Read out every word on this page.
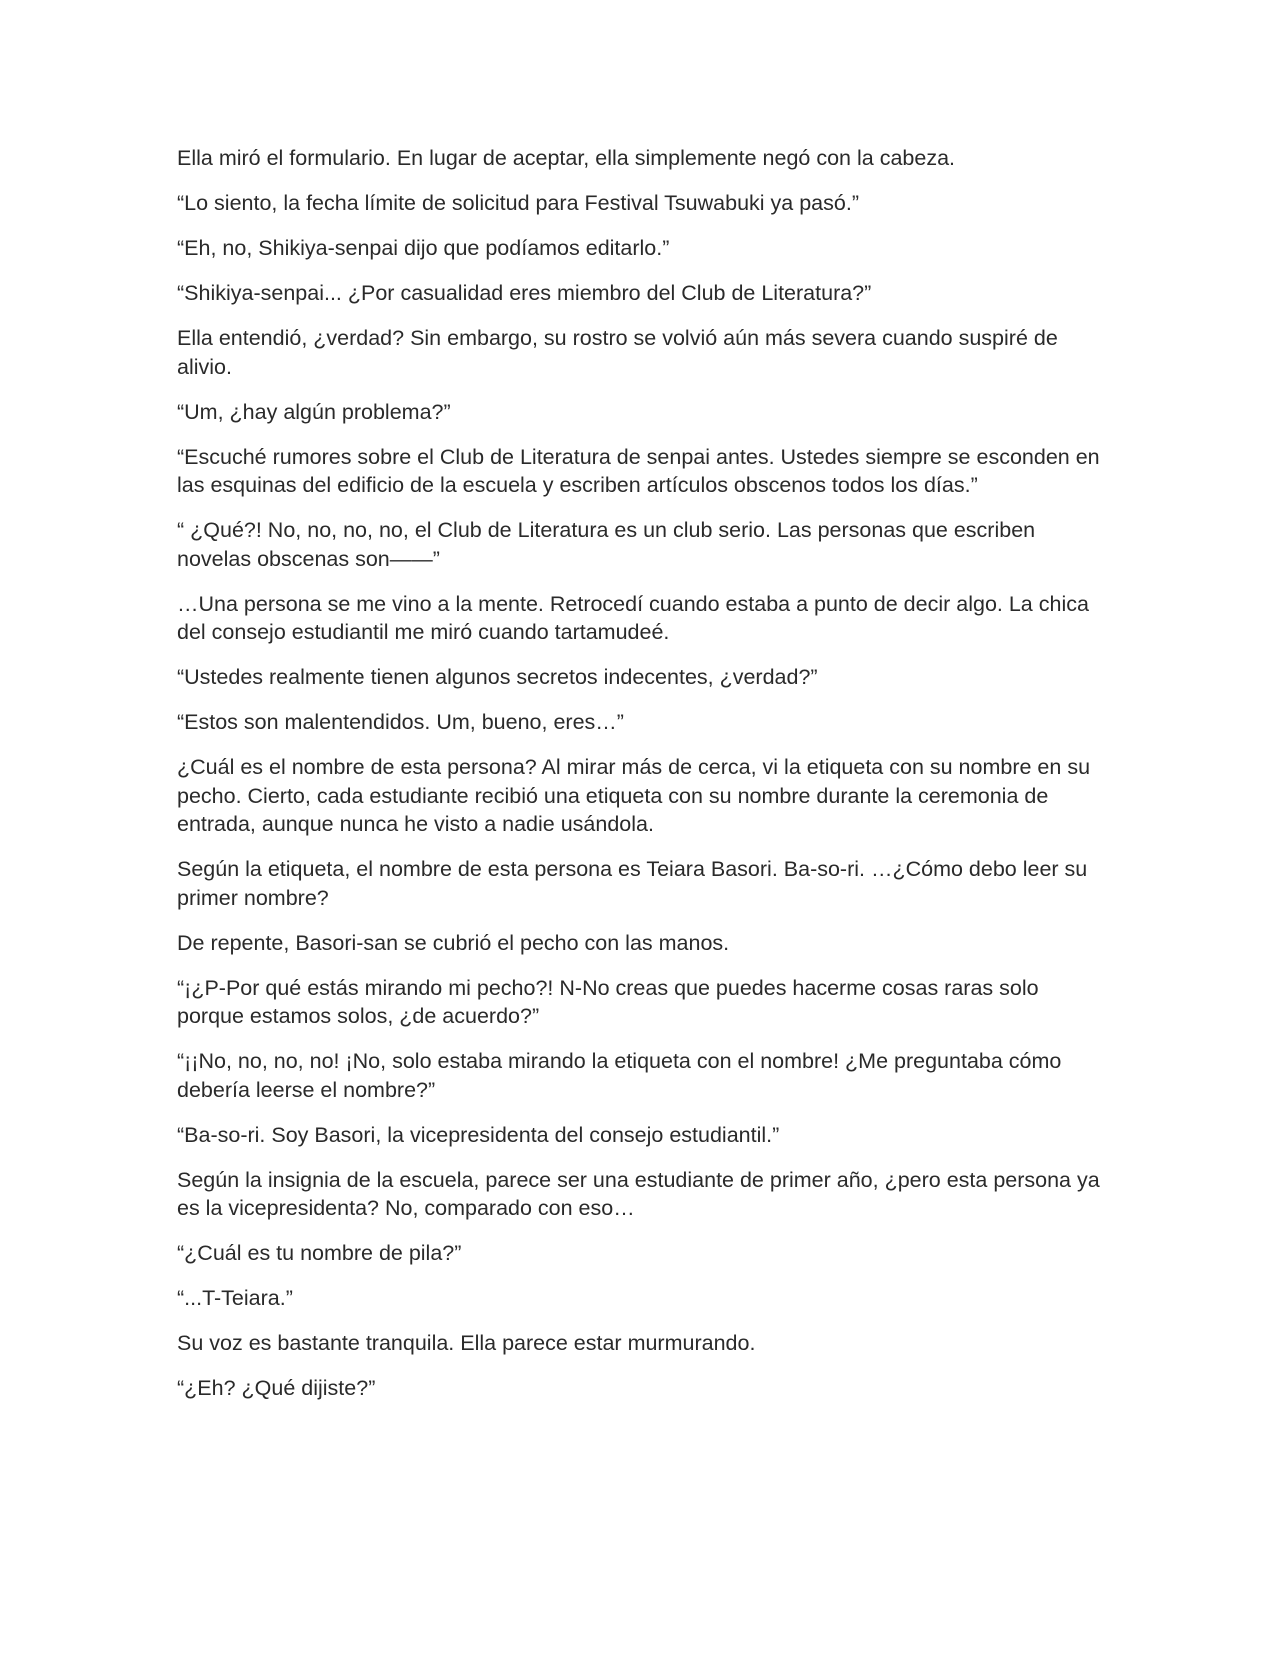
Ella miró el formulario. En lugar de aceptar, ella simplemente negó con la cabeza.

“Lo siento, la fecha límite de solicitud para Festival Tsuwabuki ya pasó.”

“Eh, no, Shikiya-senpai dijo que podíamos editarlo.”

“Shikiya-senpai... ¿Por casualidad eres miembro del Club de Literatura?”

Ella entendió, ¿verdad? Sin embargo, su rostro se volvió aún más severa cuando suspiré de alivio.

“Um, ¿hay algún problema?”

“Escuché rumores sobre el Club de Literatura de senpai antes. Ustedes siempre se esconden en las esquinas del edificio de la escuela y escriben artículos obscenos todos los días.”

“ ¿Qué?! No, no, no, no, el Club de Literatura es un club serio. Las personas que escriben novelas obscenas son——”

…Una persona se me vino a la mente. Retrocedí cuando estaba a punto de decir algo. La chica del consejo estudiantil me miró cuando tartamudeé.

“Ustedes realmente tienen algunos secretos indecentes, ¿verdad?”

“Estos son malentendidos. Um, bueno, eres…”

¿Cuál es el nombre de esta persona? Al mirar más de cerca, vi la etiqueta con su nombre en su pecho. Cierto, cada estudiante recibió una etiqueta con su nombre durante la ceremonia de entrada, aunque nunca he visto a nadie usándola.

Según la etiqueta, el nombre de esta persona es Teiara Basori. Ba-so-ri. …¿Cómo debo leer su primer nombre?

De repente, Basori-san se cubrió el pecho con las manos.

“¡¿P-Por qué estás mirando mi pecho?! N-No creas que puedes hacerme cosas raras solo porque estamos solos, ¿de acuerdo?”

“¡¡No, no, no, no! ¡No, solo estaba mirando la etiqueta con el nombre! ¿Me preguntaba cómo debería leerse el nombre?”

“Ba-so-ri. Soy Basori, la vicepresidenta del consejo estudiantil.”

Según la insignia de la escuela, parece ser una estudiante de primer año, ¿pero esta persona ya es la vicepresidenta? No, comparado con eso…

“¿Cuál es tu nombre de pila?”

“...T-Teiara.”

Su voz es bastante tranquila. Ella parece estar murmurando.

“¿Eh? ¿Qué dijiste?”
